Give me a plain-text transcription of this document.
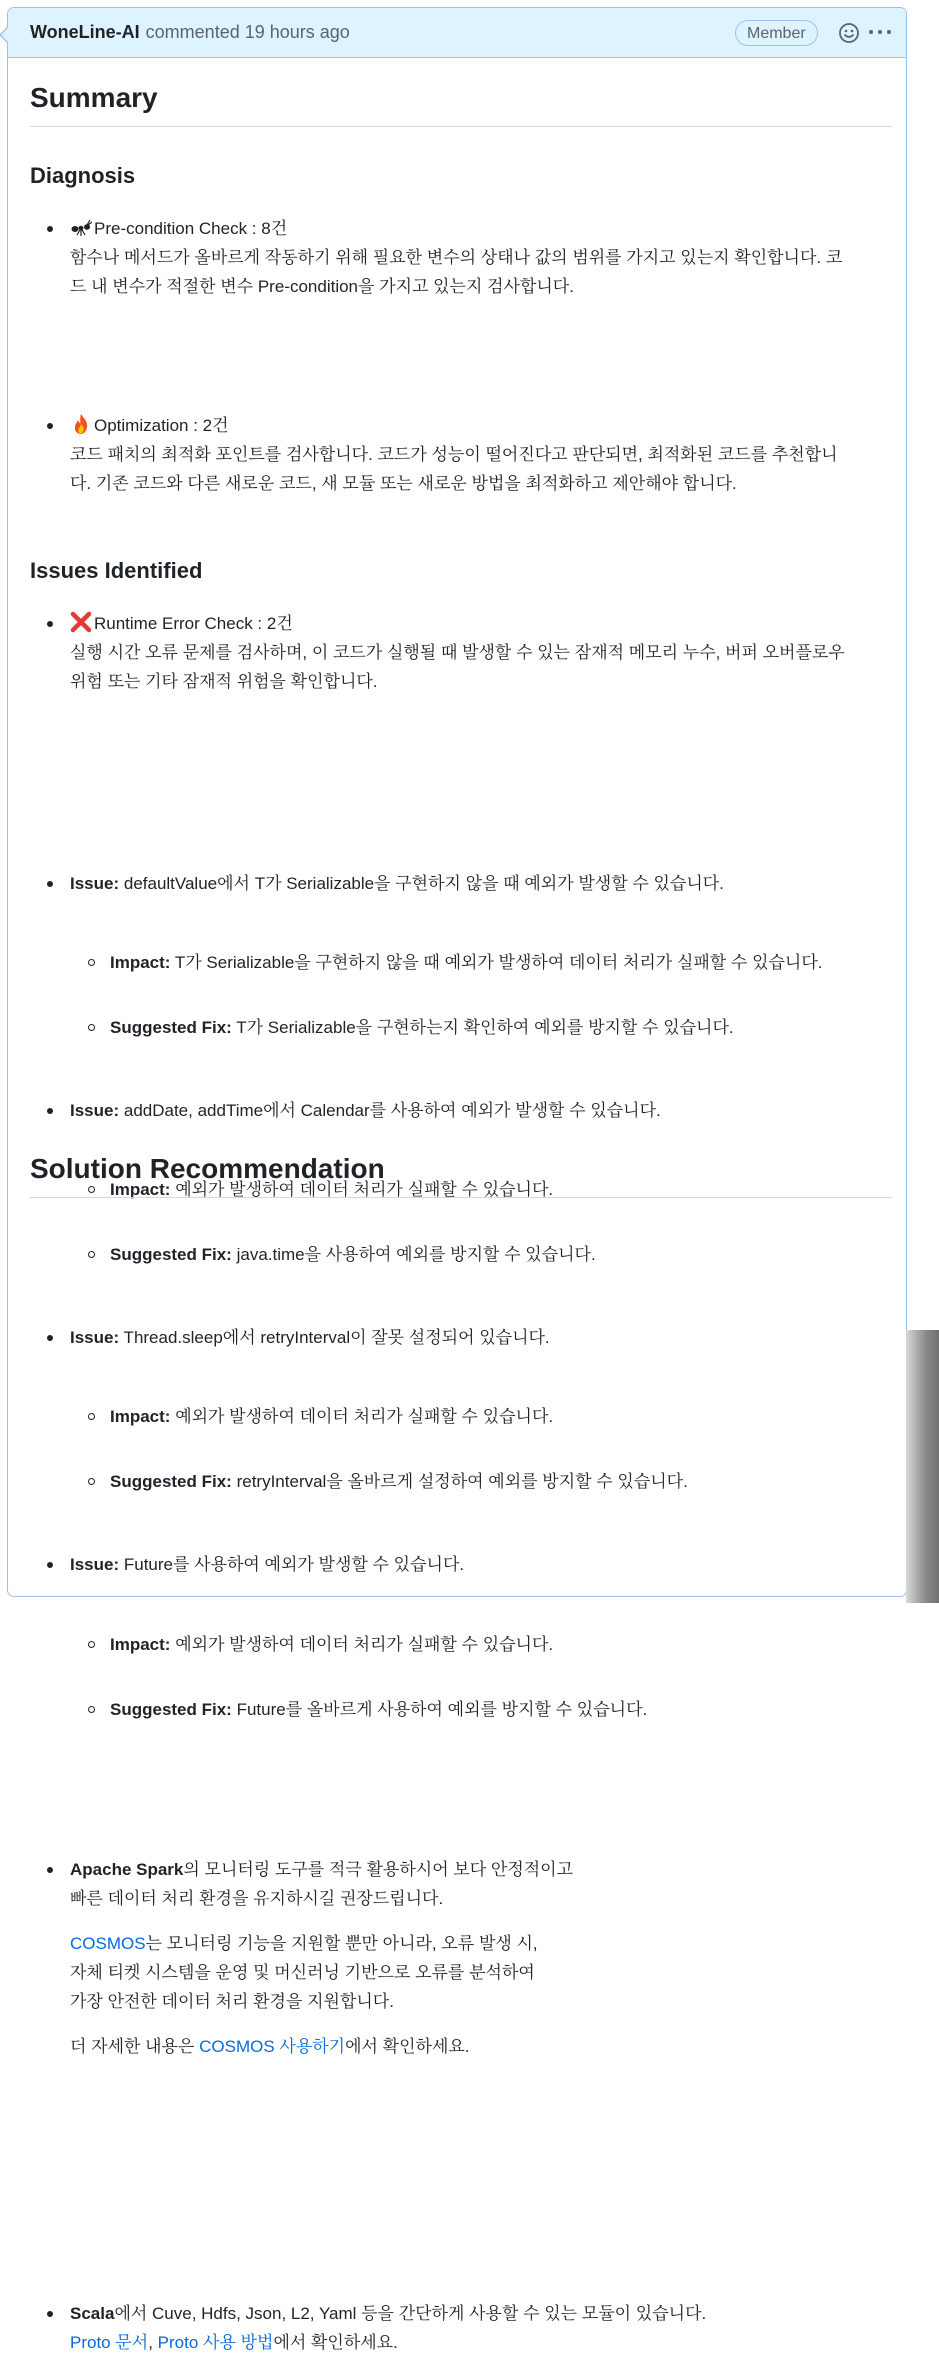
WoneLine-AI commented 19 hours ago	Member
Summary
Diagnosis
Pre-condition Check : 8건
함수나 메서드가 올바르게 작동하기 위해 필요한 변수의 상태나 값의 범위를 가지고 있는지 확인합니다. 코
드 내 변수가 적절한 변수 Pre-condition을 가지고 있는지 검사합니다.
Optimization : 2건
코드 패치의 최적화 포인트를 검사합니다. 코드가 성능이 떨어진다고 판단되면, 최적화된 코드를 추천합니
다. 기존 코드와 다른 새로운 코드, 새 모듈 또는 새로운 방법을 최적화하고 제안해야 합니다.
Runtime Error Check : 2건
실행 시간 오류 문제를 검사하며, 이 코드가 실행될 때 발생할 수 있는 잠재적 메모리 누수, 버퍼 오버플로우
위험 또는 기타 잠재적 위험을 확인합니다.
Issues Identified
Issue: defaultValue에서 T가 Serializable을 구현하지 않을 때 예외가 발생할 수 있습니다.
Impact: T가 Serializable을 구현하지 않을 때 예외가 발생하여 데이터 처리가 실패할 수 있습니다.
Suggested Fix: T가 Serializable을 구현하는지 확인하여 예외를 방지할 수 있습니다.
Issue: addDate, addTime에서 Calendar를 사용하여 예외가 발생할 수 있습니다.
Impact: 예외가 발생하여 데이터 처리가 실패할 수 있습니다.
Suggested Fix: java.time을 사용하여 예외를 방지할 수 있습니다.
Issue: Thread.sleep에서 retryInterval이 잘못 설정되어 있습니다.
Impact: 예외가 발생하여 데이터 처리가 실패할 수 있습니다.
Suggested Fix: retryInterval을 올바르게 설정하여 예외를 방지할 수 있습니다.
Issue: Future를 사용하여 예외가 발생할 수 있습니다.
Impact: 예외가 발생하여 데이터 처리가 실패할 수 있습니다.
Suggested Fix: Future를 올바르게 사용하여 예외를 방지할 수 있습니다.
Solution Recommendation
Apache Spark의 모니터링 도구를 적극 활용하시어 보다 안정적이고
빠른 데이터 처리 환경을 유지하시길 권장드립니다.
COSMOS는 모니터링 기능을 지원할 뿐만 아니라, 오류 발생 시,
자체 티켓 시스템을 운영 및 머신러닝 기반으로 오류를 분석하여
가장 안전한 데이터 처리 환경을 지원합니다.
더 자세한 내용은 COSMOS 사용하기에서 확인하세요.
Scala에서 Cuve, Hdfs, Json, L2, Yaml 등을 간단하게 사용할 수 있는 모듈이 있습니다.
Proto 문서, Proto 사용 방법에서 확인하세요.
